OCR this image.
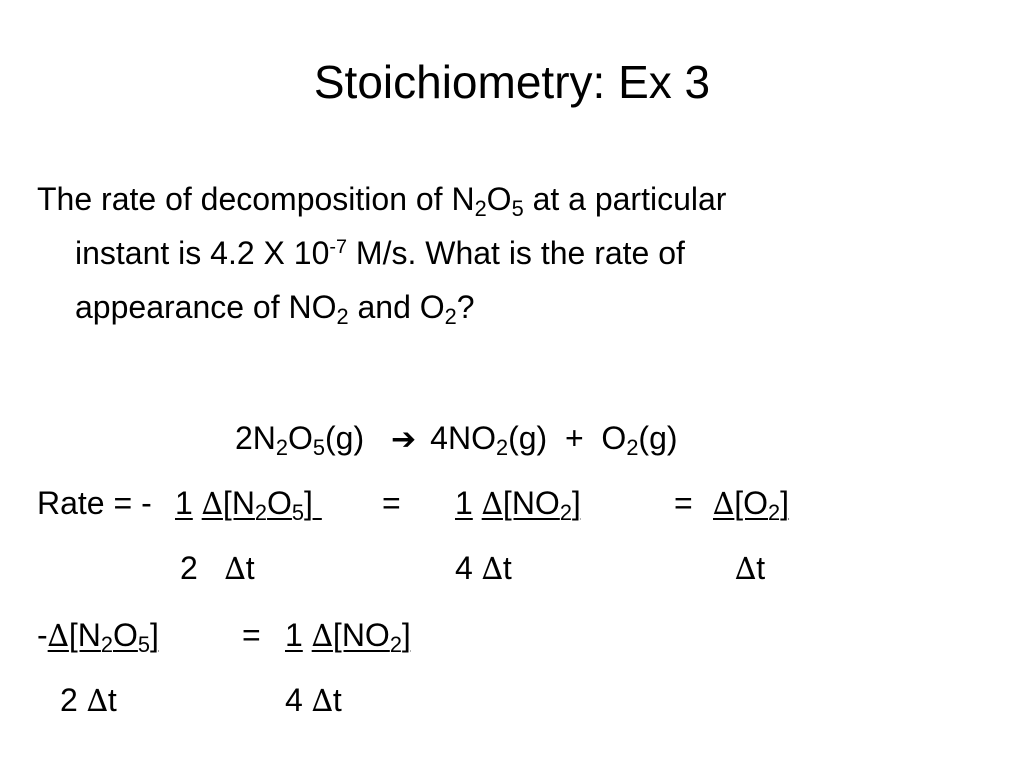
Stoichiometry: Ex 3
The rate of decomposition of $N_2O_5$ at a particular
instant is 4.2 X $10^{-7}$ M/s. What is the rate of
appearance of $NO_2$ and $O_2$?
$2N_2O_5(g)$ ➔ $4NO_2(g) + O_2(g)$
Rate = - 1 $\Delta[N_2O_5] = 1$ $\Delta[NO_2]$	= $\Delta[O_2]$
2 ∆t	4 ∆t	∆t
$-\Delta[N_2O_5]$	= 1 $\Delta[NO_2]$
2 ∆t	4 ∆t
